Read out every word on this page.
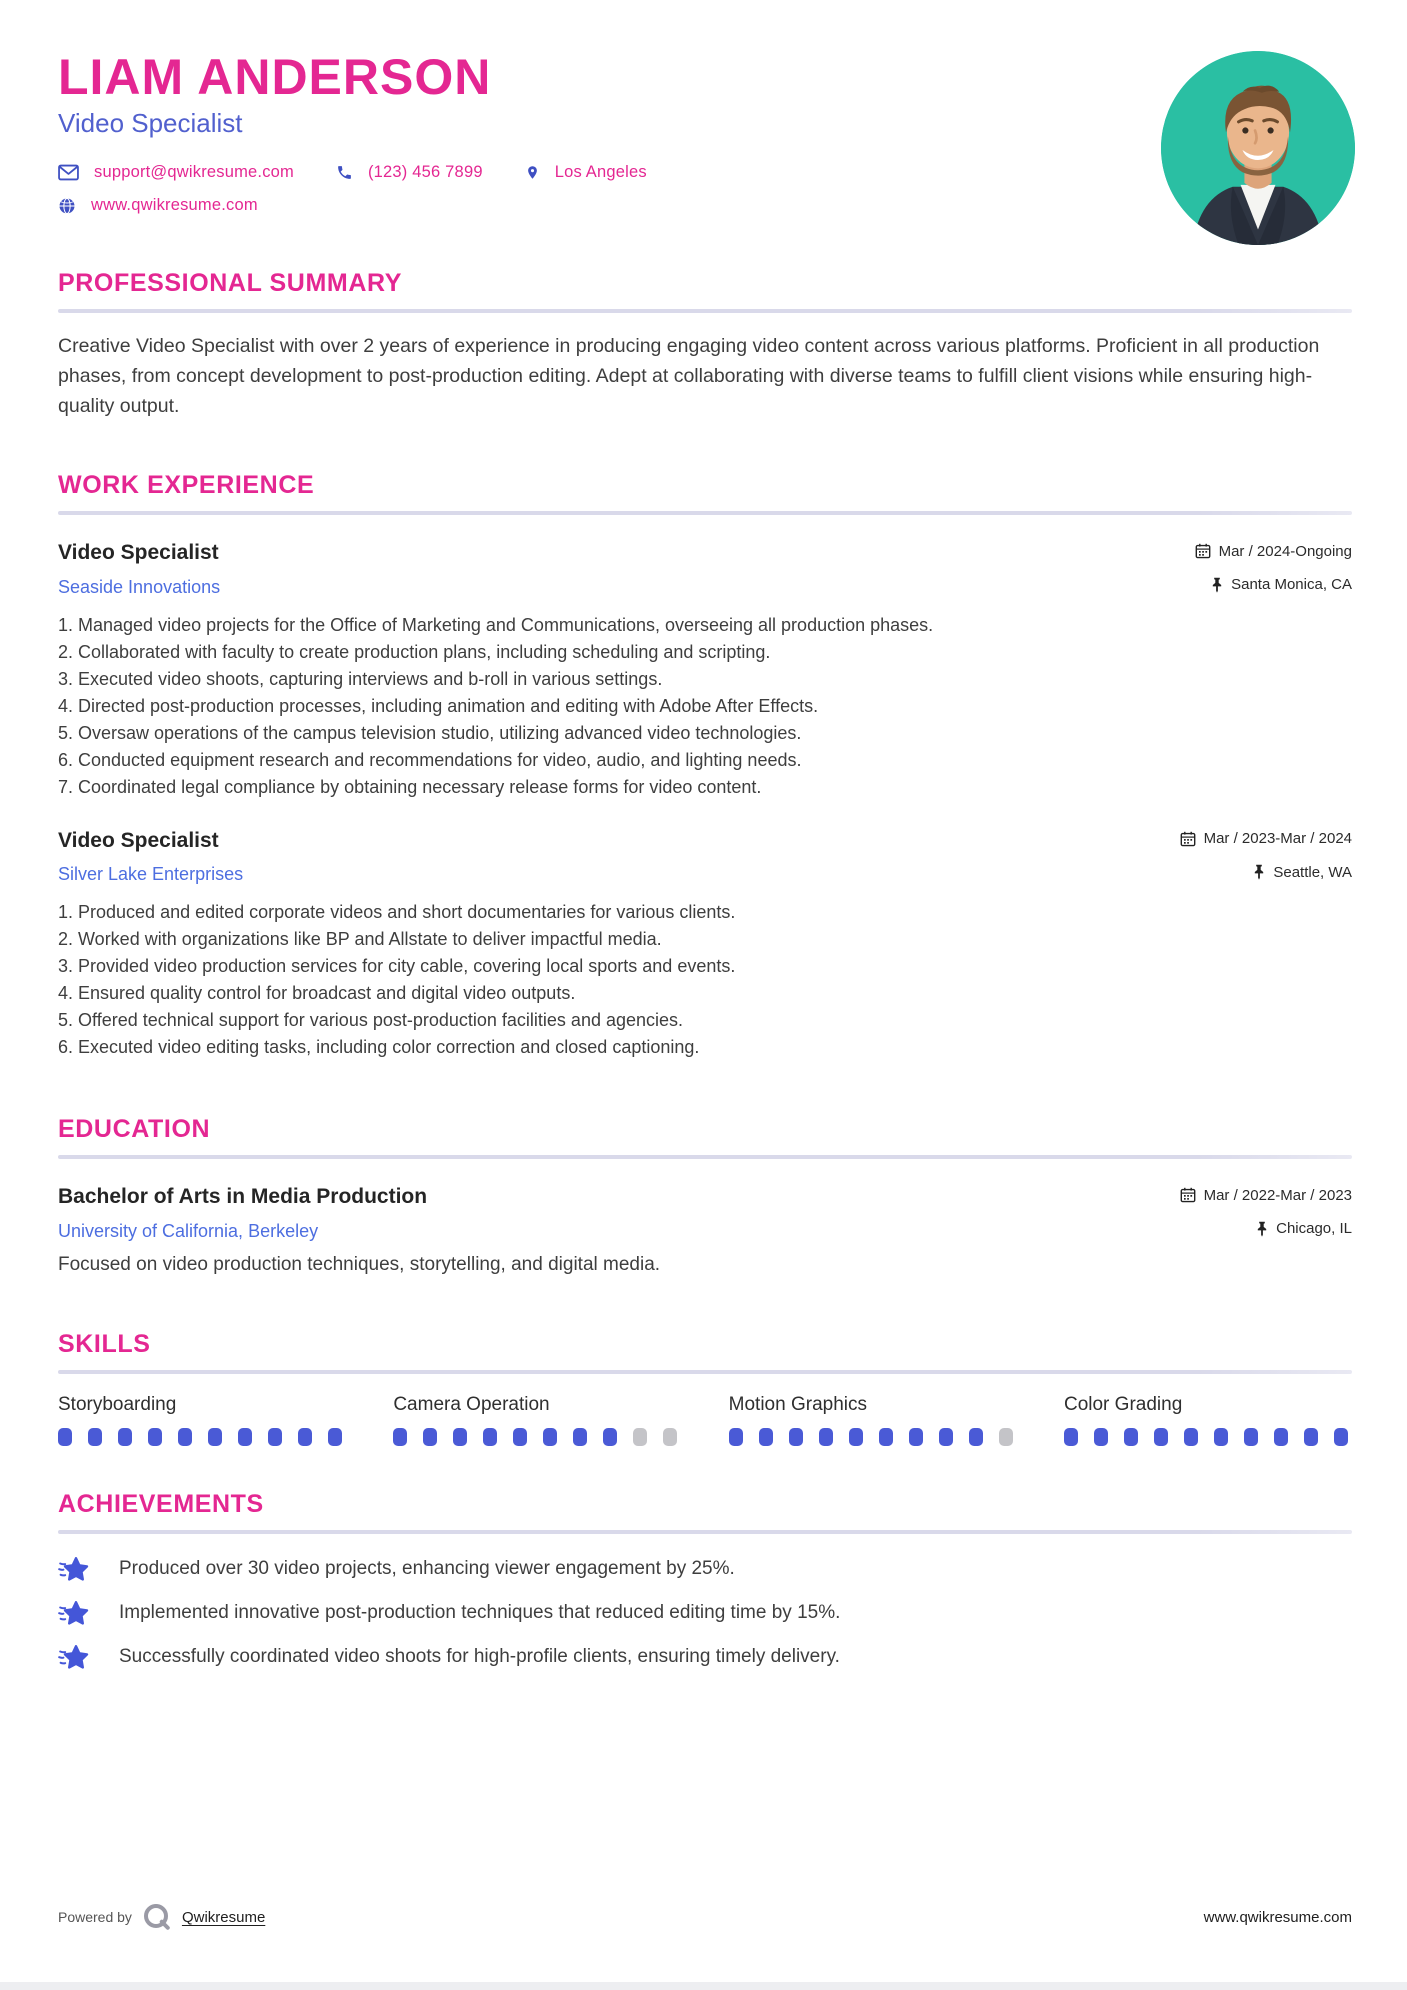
LIAM ANDERSON
Video Specialist
support@qwikresume.com	(123) 456 7899	Los Angeles
www.qwikresume.com
PROFESSIONAL SUMMARY

Creative Video Specialist with over 2 years of experience in producing engaging video content across various platforms. Proficient in all production phases, from concept development to post-production editing. Adept at collaborating with diverse teams to fulfill client visions while ensuring high-quality output.

WORK EXPERIENCE
Video Specialist	Mar / 2024-Ongoing
Seaside Innovations	Santa Monica, CA
1. Managed video projects for the Office of Marketing and Communications, overseeing all production phases.
2. Collaborated with faculty to create production plans, including scheduling and scripting.
3. Executed video shoots, capturing interviews and b-roll in various settings.
4. Directed post-production processes, including animation and editing with Adobe After Effects.
5. Oversaw operations of the campus television studio, utilizing advanced video technologies.
6. Conducted equipment research and recommendations for video, audio, and lighting needs.
7. Coordinated legal compliance by obtaining necessary release forms for video content.
Video Specialist	Mar / 2023-Mar / 2024
Silver Lake Enterprises	Seattle, WA
1. Produced and edited corporate videos and short documentaries for various clients.
2. Worked with organizations like BP and Allstate to deliver impactful media.
3. Provided video production services for city cable, covering local sports and events.
4. Ensured quality control for broadcast and digital video outputs.
5. Offered technical support for various post-production facilities and agencies.
6. Executed video editing tasks, including color correction and closed captioning.
EDUCATION
Bachelor of Arts in Media Production	Mar / 2022-Mar / 2023
University of California, Berkeley	Chicago, IL

Focused on video production techniques, storytelling, and digital media.

SKILLS
Storyboarding	Camera Operation	Motion Graphics	Color Grading
ACHIEVEMENTS
Produced over 30 video projects, enhancing viewer engagement by 25%.
Implemented innovative post-production techniques that reduced editing time by 15%.
Successfully coordinated video shoots for high-profile clients, ensuring timely delivery.
Powered by	Qwikresume	www.qwikresume.com
